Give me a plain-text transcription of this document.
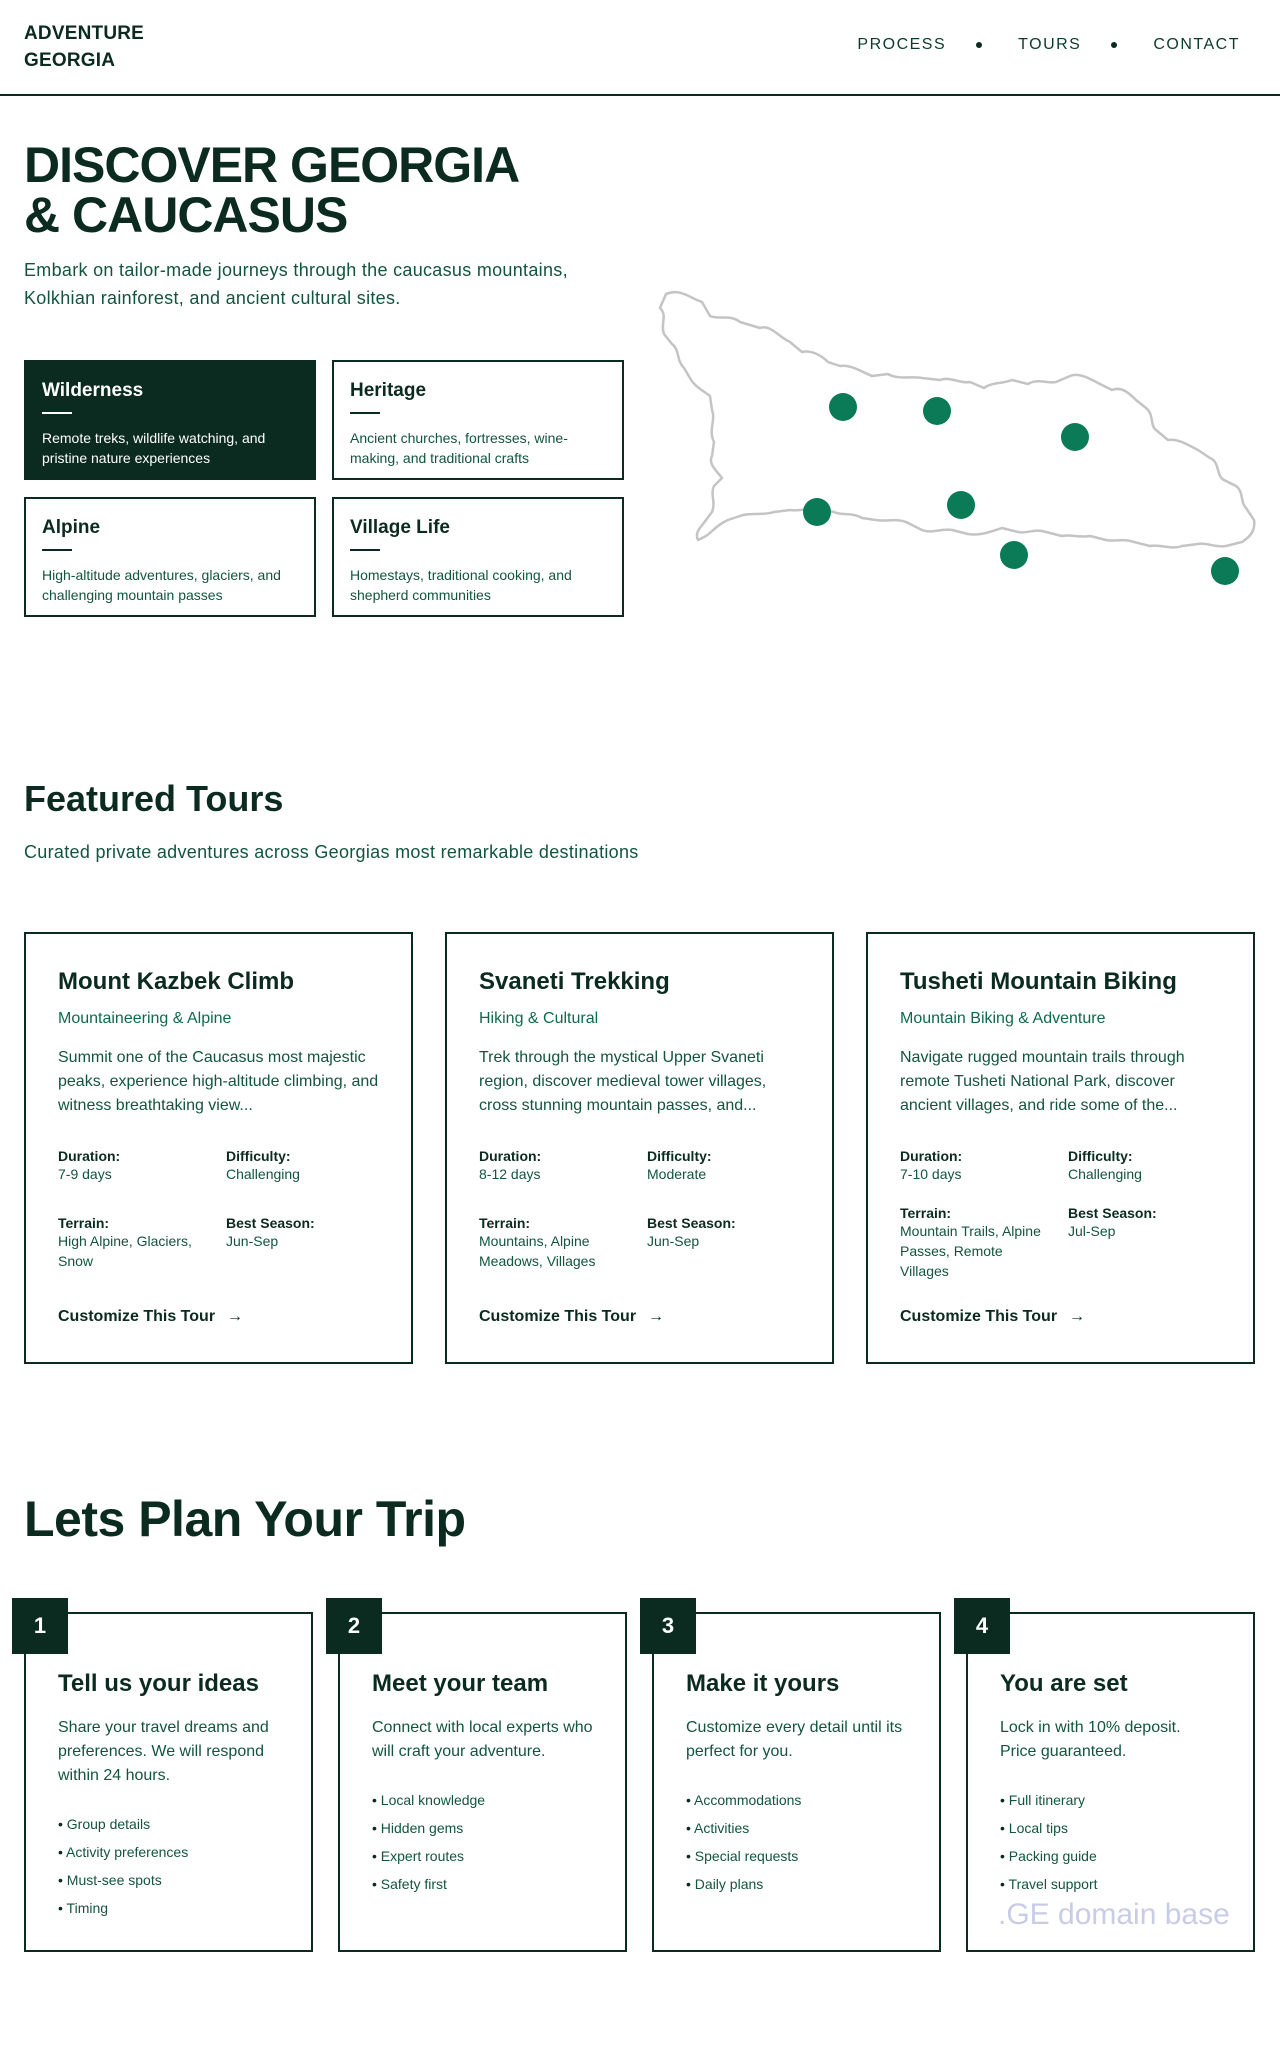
ADVENTURE
GEORGIA
PROCESS	TOURS	CONTACT
DISCOVER GEORGIA
& CAUCASUS

Embark on tailor-made journeys through the caucasus mountains,
Kolkhian rainforest, and ancient cultural sites.

Wilderness
Remote treks, wildlife watching, and pristine nature experiences
Heritage
Ancient churches, fortresses, wine-making, and traditional crafts
Alpine
High-altitude adventures, glaciers, and challenging mountain passes
Village Life
Homestays, traditional cooking, and shepherd communities
Featured Tours

Curated private adventures across Georgias most remarkable destinations

Mount Kazbek Climb
Mountaineering & Alpine
Summit one of the Caucasus most majestic peaks, experience high-altitude climbing, and witness breathtaking view...
Duration:
7-9 days
Difficulty:
Challenging
Terrain:
High Alpine, Glaciers, Snow
Best Season:
Jun-Sep
Customize This Tour →
Svaneti Trekking
Hiking & Cultural
Trek through the mystical Upper Svaneti region, discover medieval tower villages, cross stunning mountain passes, and...
Duration:
8-12 days
Difficulty:
Moderate
Terrain:
Mountains, Alpine Meadows, Villages
Best Season:
Jun-Sep
Customize This Tour →
Tusheti Mountain Biking
Mountain Biking & Adventure
Navigate rugged mountain trails through remote Tusheti National Park, discover ancient villages, and ride some of the...
Duration:
7-10 days
Difficulty:
Challenging
Terrain:
Mountain Trails, Alpine Passes, Remote Villages
Best Season:
Jul-Sep
Customize This Tour →
Lets Plan Your Trip
1
Tell us your ideas
Share your travel dreams and preferences. We will respond within 24 hours.
• Group details
• Activity preferences
• Must-see spots
• Timing
2
Meet your team
Connect with local experts who will craft your adventure.
• Local knowledge
• Hidden gems
• Expert routes
• Safety first
3
Make it yours
Customize every detail until its perfect for you.
• Accommodations
• Activities
• Special requests
• Daily plans
4
You are set
Lock in with 10% deposit. Price guaranteed.
• Full itinerary
• Local tips
• Packing guide
• Travel support
.GE domain base
